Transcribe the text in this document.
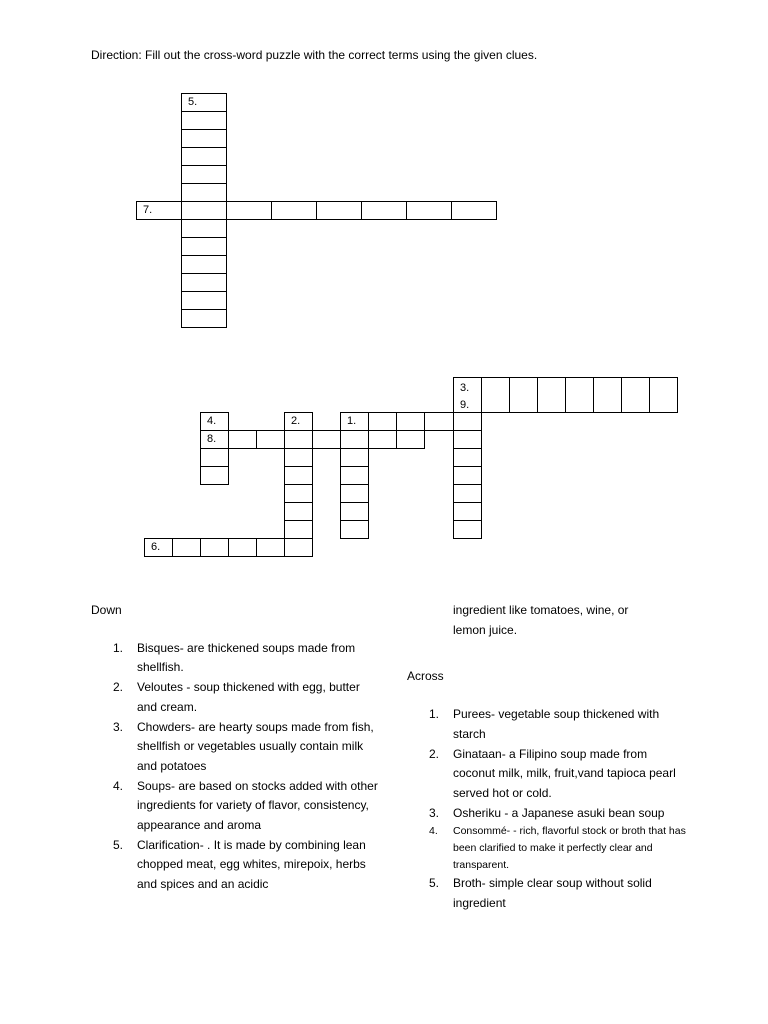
Direction: Fill out the cross-word puzzle with the correct terms using the given clues.
5.
7.
3.
9.
4.	2.	1.
8.
6.
Down
1. Bisques- are thickened soups made from shellfish.
2. Veloutes - soup thickened with egg, butter and cream.
3. Chowders- are hearty soups made from fish, shellfish or vegetables usually contain milk and potatoes
4. Soups- are based on stocks added with other ingredients for variety of flavor, consistency, appearance and aroma
5. Clarification- . It is made by combining lean chopped meat, egg whites, mirepoix, herbs and spices and an acidic
ingredient like tomatoes, wine, or lemon juice.
Across
1. Purees- vegetable soup thickened with starch
2. Ginataan- a Filipino soup made from coconut milk, milk, fruit,vand tapioca pearl served hot or cold.
3. Osheriku - a Japanese asuki bean soup
4. Consommé- - rich, flavorful stock or broth that has been clarified to make it perfectly clear and transparent.
5. Broth- simple clear soup without solid ingredient
